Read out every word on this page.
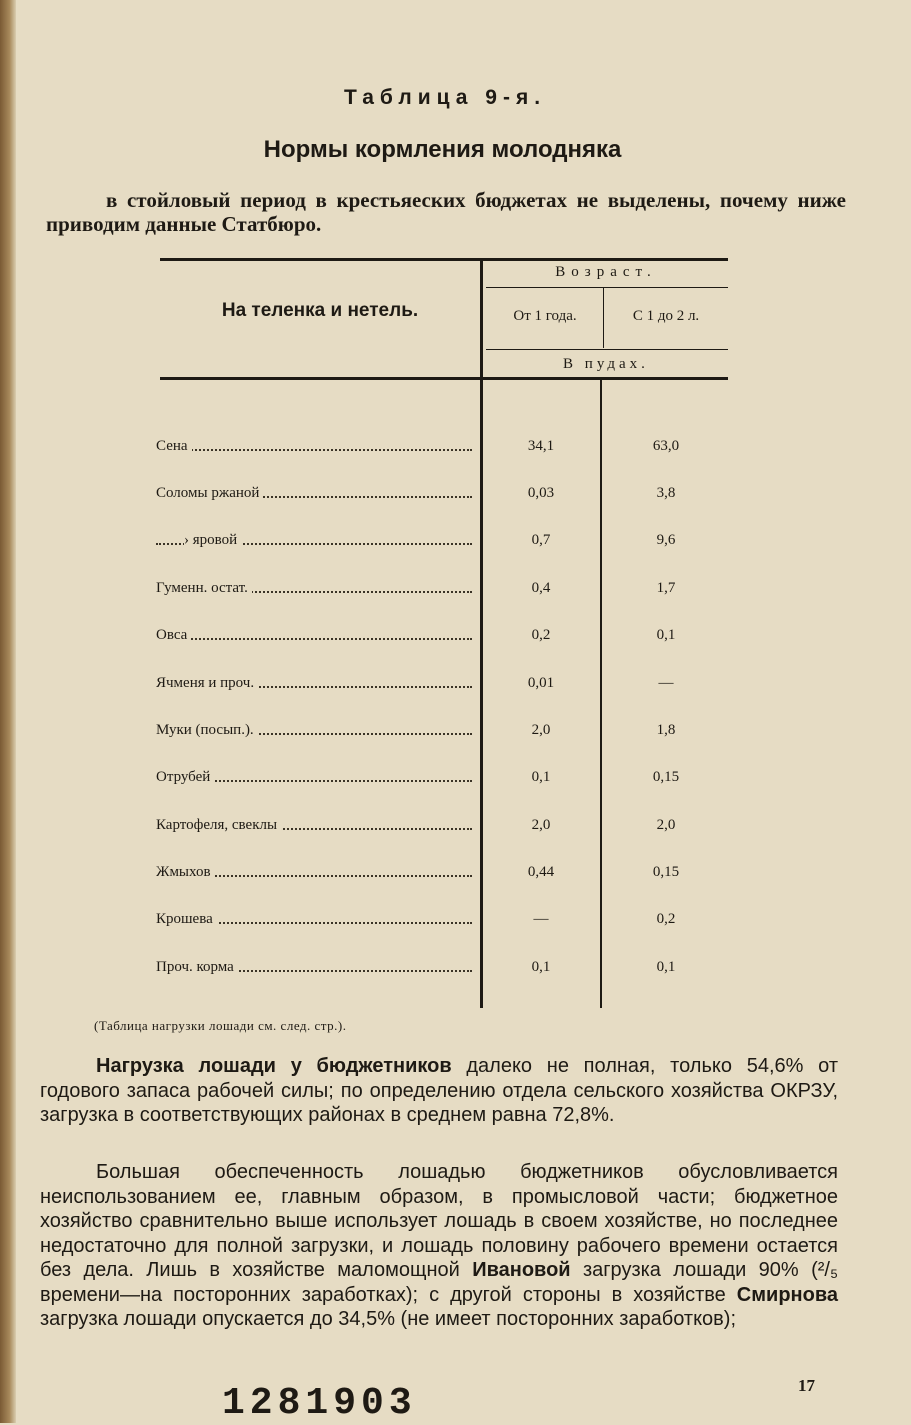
Таблица 9-я.
Нормы кормления молодняка
в стойловый период в крестьяеских бюджетах не выделены, почему ниже приводим данные Статбюро.
На теленка и нетель.
Возраст.
От 1 года.	С 1 до 2 л.
В пудах.
Сена	34,1	63,0
Соломы ржаной	0,03	3,8
› яровой	0,7	9,6
Гуменн. остат.	0,4	1,7
Овса	0,2	0,1
Ячменя и проч.	0,01	—
Муки (посып.).	2,0	1,8
Отрубей	0,1	0,15
Картофеля, свеклы	2,0	2,0
Жмыхов	0,44	0,15
Крошева	—	0,2
Проч. корма	0,1	0,1
(Таблица нагрузки лошади см. след. стр.).
Нагрузка лошади у бюджетников далеко не полная, только 54,6% от годового запаса рабочей силы; по определению отдела сельского хозяйства ОКРЗУ, загрузка в соответствующих районах в среднем равна 72,8%.
Большая обеспеченность лошадью бюджетников обусловливается неиспользованием ее, главным образом, в промысловой части; бюджетное хозяйство сравнительно выше использует лошадь в своем хозяйстве, но последнее недостаточно для полной загрузки, и лошадь половину рабочего времени остается без дела. Лишь в хозяйстве маломощной Ивановой загрузка лошади 90% (²/₅ времени—на посторонних заработках); с другой стороны в хозяйстве Смирнова загрузка лошади опускается до 34,5% (не имеет посторонних заработков);
17
1281903
